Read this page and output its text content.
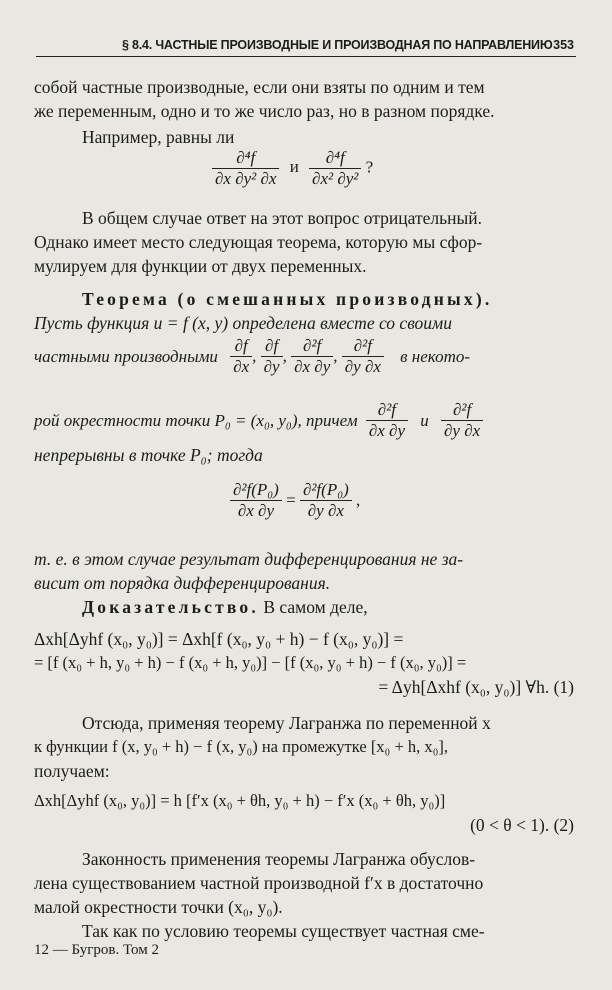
§ 8.4. ЧАСТНЫЕ ПРОИЗВОДНЫЕ И ПРОИЗВОДНАЯ ПО НАПРАВЛЕНИЮ 353
собой частные производные, если они взяты по одним и тем
же переменным, одно и то же число раз, но в разном порядке.
Например, равны ли
$\frac{\text{∂⁴f}}{\text{∂x ∂y² ∂x}}$ и $\frac{\text{∂⁴f}}{\text{∂x² ∂y²}}$ ?
В общем случае ответ на этот вопрос отрицательный.
Однако имеет место следующая теорема, которую мы сфор-
мулируем для функции от двух переменных.
Теорема (о смешанных производных).
Пусть функция u = f (x, y) определена вместе со своими
частными производными $\frac{\partial f}{\partial x}$ , $\frac{\partial f}{\partial y}$ , $\frac{\text{∂²f}}{\partial x \partial y}$ , $\frac{\text{∂²f}}{\partial y \partial x}$ в некото-
рой окрестности точки P₀ = (x₀, y₀), причем $\frac{\text{∂²f}}{\partial x \partial y}$ и $\frac{\text{∂²f}}{\partial y \partial x}$
непрерывны в точке P₀; тогда
$\frac{\text{∂²f(P₀)}}{\partial x \partial y} = \frac{\text{∂²f(P₀)}}{\partial y \partial x}$ ,
т. е. в этом случае результат дифференцирования не за-
висит от порядка дифференцирования.
Доказательство. В самом деле,
Δxh[Δyhf (x₀, y₀)] = Δxh[f (x₀, y₀ + h) − f (x₀, y₀)] =
= [f (x₀ + h, y₀ + h) − f (x₀ + h, y₀)] − [f (x₀, y₀ + h) − f (x₀, y₀)] =
= Δyh[Δxhf (x₀, y₀)] ∀h. (1)
Отсюда, применяя теорему Лагранжа по переменной x
к функции f (x, y₀ + h) − f (x, y₀) на промежутке [x₀ + h, x₀],
получаем:
Δxh[Δyhf (x₀, y₀)] = h [f′x (x₀ + θh, y₀ + h) − f′x (x₀ + θh, y₀)]
(0 < θ < 1). (2)
Законность применения теоремы Лагранжа обуслов-
лена существованием частной производной f′x в достаточно
малой окрестности точки (x₀, y₀).
Так как по условию теоремы существует частная сме-
12 — Бугров. Том 2
